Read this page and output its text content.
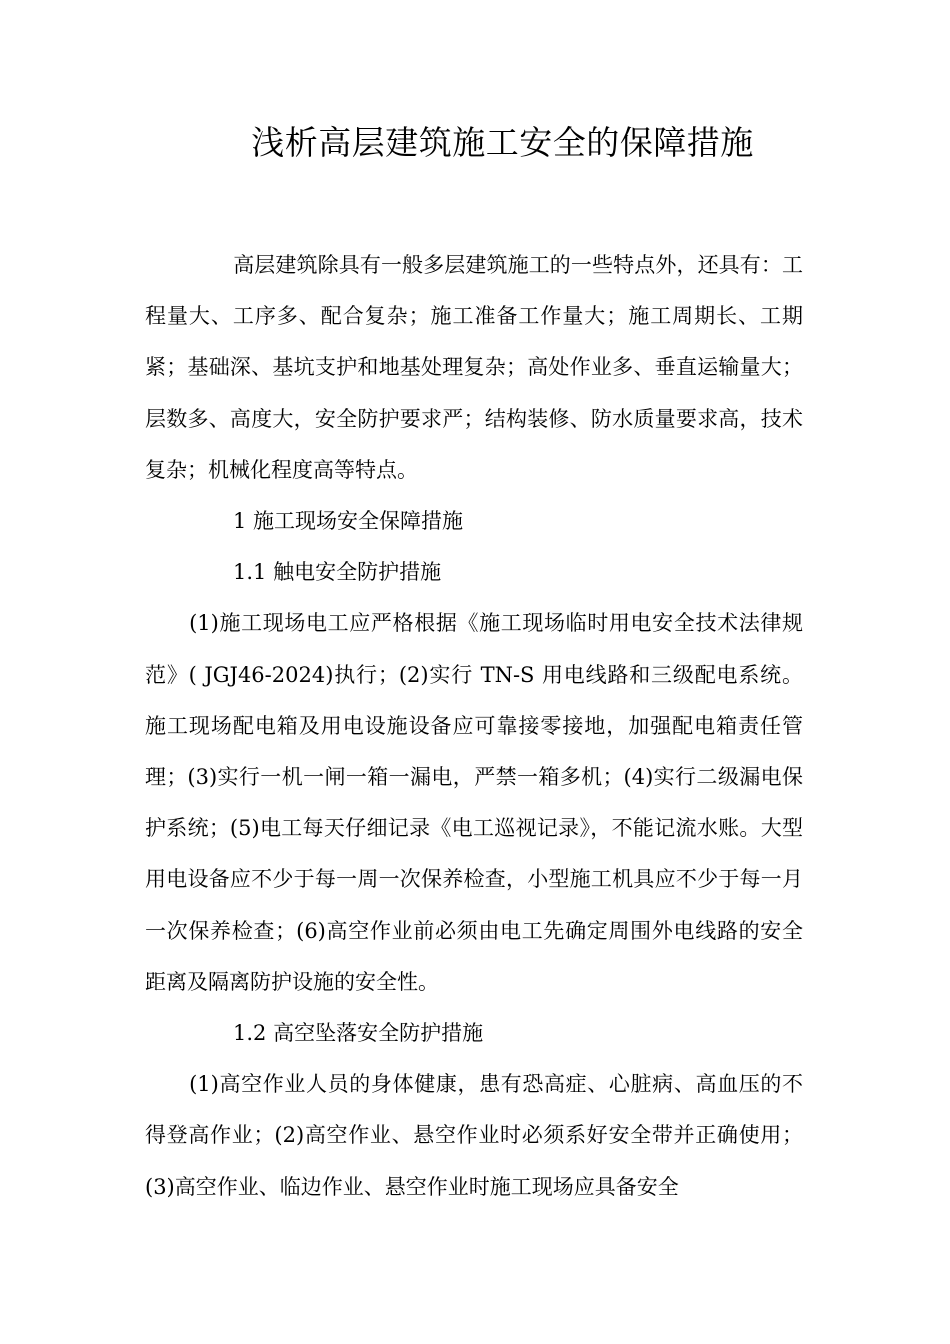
浅析高层建筑施工安全的保障措施

高层建筑除具有一般多层建筑施工的一些特点外，还具有：工程量大、工序多、配合复杂；施工准备工作量大；施工周期长、工期紧；基础深、基坑支护和地基处理复杂；高处作业多、垂直运输量大；层数多、高度大，安全防护要求严；结构装修、防水质量要求高，技术复杂；机械化程度高等特点。

1 施工现场安全保障措施

1.1 触电安全防护措施

(1)施工现场电工应严格根据《施工现场临时用电安全技术法律规范》( JGJ46-2024)执行；(2)实行 TN-S 用电线路和三级配电系统。施工现场配电箱及用电设施设备应可靠接零接地，加强配电箱责任管理；(3)实行一机一闸一箱一漏电，严禁一箱多机；(4)实行二级漏电保护系统；(5)电工每天仔细记录《电工巡视记录》，不能记流水账。大型用电设备应不少于每一周一次保养检查，小型施工机具应不少于每一月一次保养检查；(6)高空作业前必须由电工先确定周围外电线路的安全距离及隔离防护设施的安全性。

1.2 高空坠落安全防护措施

(1)高空作业人员的身体健康，患有恐高症、心脏病、高血压的不得登高作业；(2)高空作业、悬空作业时必须系好安全带并正确使用；(3)高空作业、临边作业、悬空作业时施工现场应具备安全
